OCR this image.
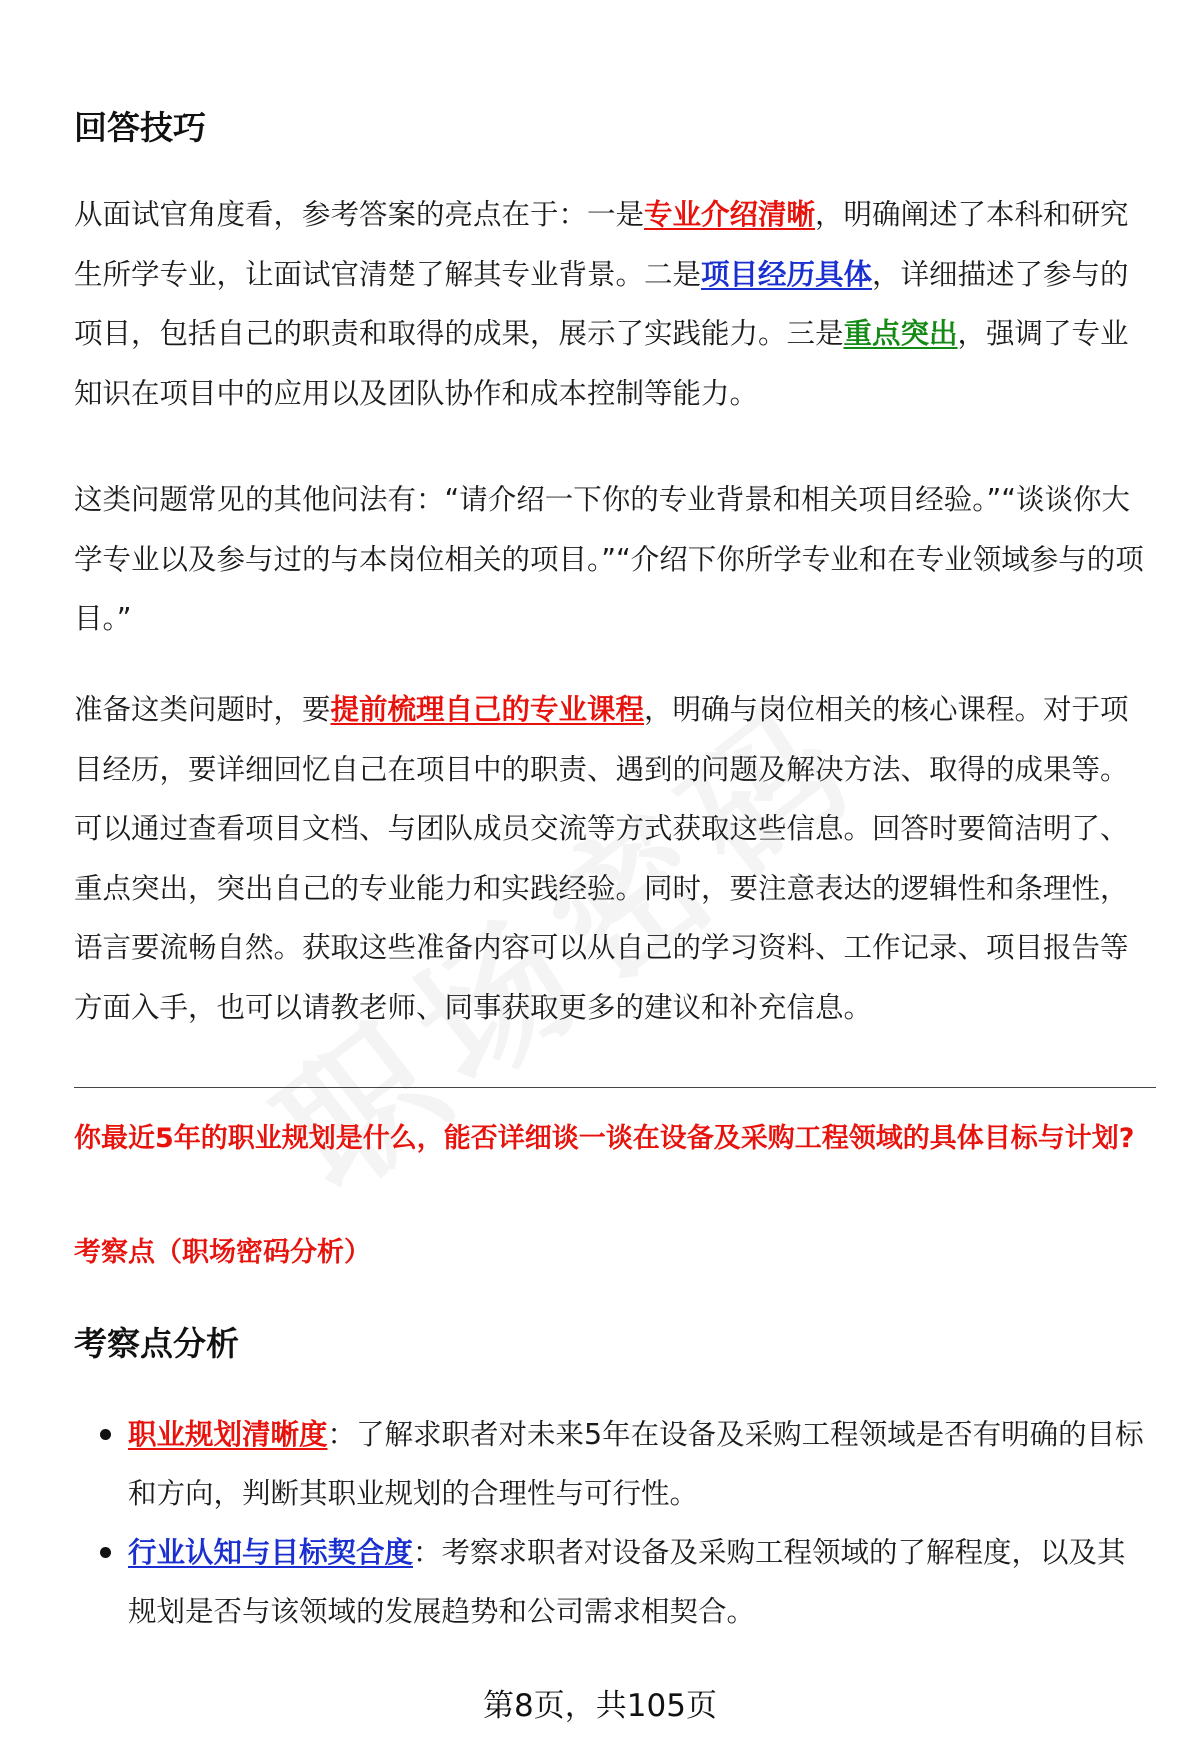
回答技巧
从面试官角度看，参考答案的亮点在于：一是专业介绍清晰，明确阐述了本科和研究生所学专业，让面试官清楚了解其专业背景。二是项目经历具体，详细描述了参与的项目，包括自己的职责和取得的成果，展示了实践能力。三是重点突出，强调了专业知识在项目中的应用以及团队协作和成本控制等能力。
这类问题常见的其他问法有：“请介绍一下你的专业背景和相关项目经验。”“谈谈你大学专业以及参与过的与本岗位相关的项目。”“介绍下你所学专业和在专业领域参与的项目。”
准备这类问题时，要提前梳理自己的专业课程，明确与岗位相关的核心课程。对于项目经历，要详细回忆自己在项目中的职责、遇到的问题及解决方法、取得的成果等。可以通过查看项目文档、与团队成员交流等方式获取这些信息。回答时要简洁明了、重点突出，突出自己的专业能力和实践经验。同时，要注意表达的逻辑性和条理性，语言要流畅自然。获取这些准备内容可以从自己的学习资料、工作记录、项目报告等方面入手，也可以请教老师、同事获取更多的建议和补充信息。
你最近5年的职业规划是什么，能否详细谈一谈在设备及采购工程领域的具体目标与计划?
考察点（职场密码分析）
考察点分析
职业规划清晰度：了解求职者对未来5年在设备及采购工程领域是否有明确的目标和方向，判断其职业规划的合理性与可行性。
行业认知与目标契合度：考察求职者对设备及采购工程领域的了解程度，以及其规划是否与该领域的发展趋势和公司需求相契合。
第8页，共105页
